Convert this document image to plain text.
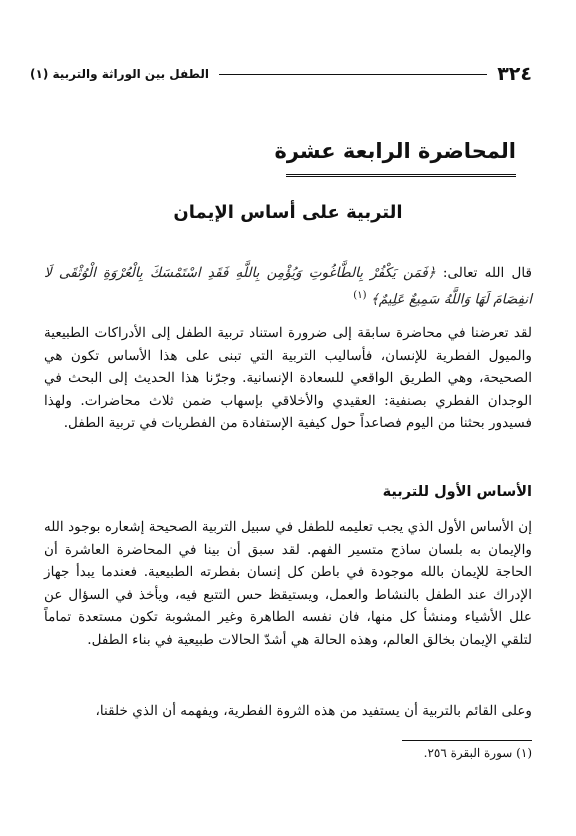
٣٢٤
الطفل بين الوراثة والتربية (١)
المحاضرة الرابعة عشرة
التربية على أساس الإيمان
قال الله تعالى: ﴿فَمَن يَكْفُرْ بِالطَّاغُوتِ وَيُؤْمِن بِاللَّهِ فَقَدِ اسْتَمْسَكَ بِالْعُرْوَةِ الْوُثْقَى لَا انفِصَامَ لَهَا وَاللَّهُ سَمِيعٌ عَلِيمٌ﴾ $^{(١)}$
لقد تعرضنا في محاضرة سابقة إلى ضرورة استناد تربية الطفل إلى الأدراكات الطبيعية والميول الفطرية للإنسان، فأساليب التربية التي تبنى على هذا الأساس تكون هي الصحيحة، وهي الطريق الواقعي للسعادة الإنسانية. وجرّنا هذا الحديث إلى البحث في الوجدان الفطري بصنفية: العقيدي والأخلاقي بإسهاب ضمن ثلاث محاضرات. ولهذا فسيدور بحثنا من اليوم فصاعداً حول كيفية الإستفادة من الفطريات في تربية الطفل.
الأساس الأول للتربية
إن الأساس الأول الذي يجب تعليمه للطفل في سبيل التربية الصحيحة إشعاره بوجود الله والإيمان به بلسان ساذج متسير الفهم. لقد سبق أن بينا في المحاضرة العاشرة أن الحاجة للإيمان بالله موجودة في باطن كل إنسان بفطرته الطبيعية. فعندما يبدأ جهاز الإدراك عند الطفل بالنشاط والعمل، ويستيقظ حس التتبع فيه، ويأخذ في السؤال عن علل الأشياء ومنشأ كل منها، فان نفسه الطاهرة وغير المشوبة تكون مستعدة تماماً لتلقي الإيمان بخالق العالم، وهذه الحالة هي أشدّ الحالات طبيعية في بناء الطفل.
وعلى القائم بالتربية أن يستفيد من هذه الثروة الفطرية، ويفهمه أن الذي خلقنا،
(١) سورة البقرة ٢٥٦.
